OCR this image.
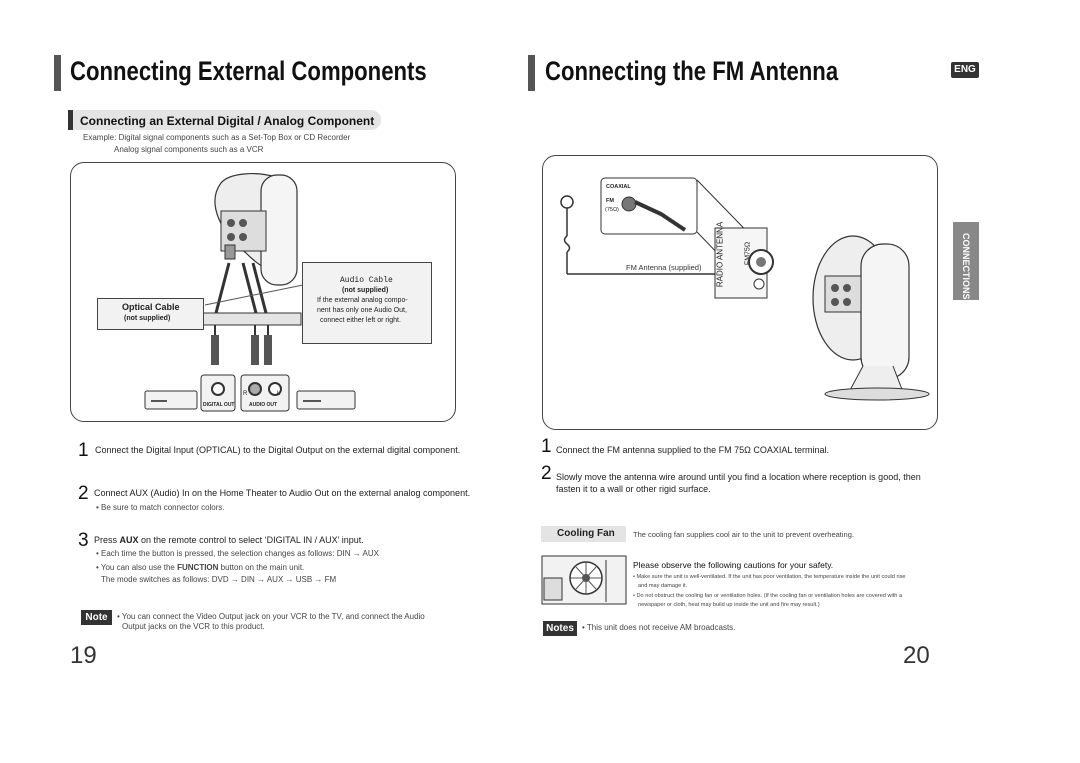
Connecting External Components
Connecting an External Digital / Analog Component
Example: Digital signal components such as a Set-Top Box or CD Recorder
Analog signal components such as a VCR
Optical Cable
(not supplied)
Audio Cable
(not supplied)
If the external analog compo-
nent has only one Audio Out,
connect either left or right.
DIGITAL OUT	AUDIO OUT
R	L
1 Connect the Digital Input (OPTICAL) to the Digital Output on the external digital component.
2 Connect AUX (Audio) In on the Home Theater to Audio Out on the external analog component.
• Be sure to match connector colors.
3 Press AUX on the remote control to select ‘DIGITAL IN / AUX’ input.
• Each time the button is pressed, the selection changes as follows: DIN → AUX
• You can also use the FUNCTION button on the main unit.
The mode switches as follows: DVD → DIN → AUX → USB → FM
Note	• You can connect the Video Output jack on your VCR to the TV, and connect the Audio
Output jacks on the VCR to this product.
19
Connecting the FM Antenna	ENG
CONNECTIONS
COAXIAL
FM
(75Ω)
FM Antenna (supplied) RADIO ANTENNA	FM75Ω
1 Connect the FM antenna supplied to the FM 75Ω COAXIAL terminal.
2 Slowly move the antenna wire around until you find a location where reception is good, then
fasten it to a wall or other rigid surface.
Cooling Fan The cooling fan supplies cool air to the unit to prevent overheating.
Please observe the following cautions for your safety.
• Make sure the unit is well-ventilated. If the unit has poor ventilation, the temperature inside the unit could rise
and may damage it.
• Do not obstruct the cooling fan or ventilation holes. (If the cooling fan or ventilation holes are covered with a
newspaper or cloth, heat may build up inside the unit and fire may result.)
Notes	• This unit does not receive AM broadcasts.
20
